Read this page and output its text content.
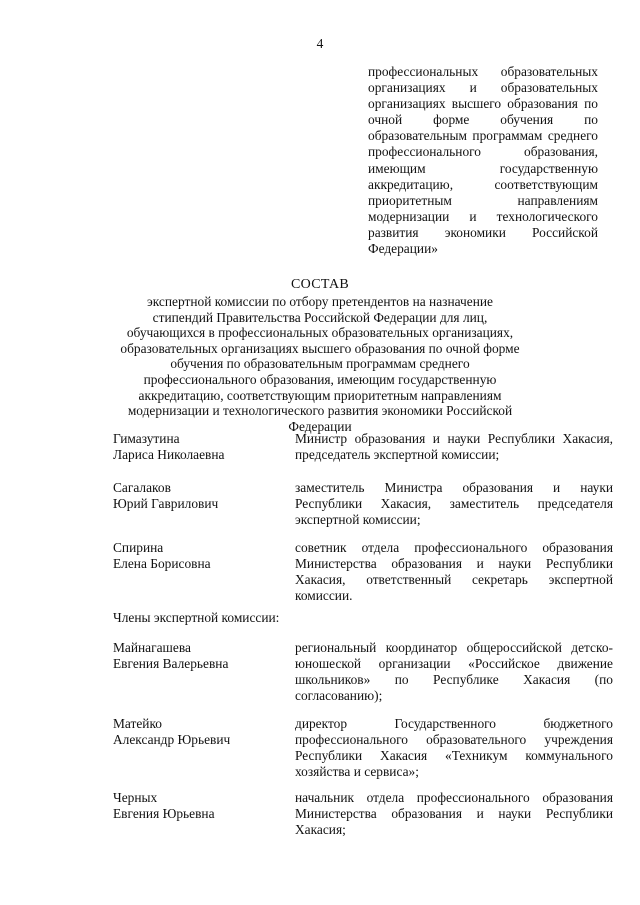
4
профессиональных образовательных организациях и образовательных организациях высшего образования по очной форме обучения по образовательным программам среднего профессионального образования, имеющим государственную аккредитацию, соответствующим приоритетным направлениям модернизации и технологического развития экономики Российской Федерации»
СОСТАВ
экспертной комиссии по отбору претендентов на назначение стипендий Правительства Российской Федерации для лиц, обучающихся в профессиональных образовательных организациях, образовательных организациях высшего образования по очной форме обучения по образовательным программам среднего профессионального образования, имеющим государственную аккредитацию, соответствующим приоритетным направлениям модернизации и технологического развития экономики Российской Федерации
Гимазутина
Лариса Николаевна
Министр образования и науки Республики Хакасия, председатель экспертной комиссии;
Сагалаков
Юрий Гаврилович
заместитель Министра образования и науки Республики Хакасия, заместитель председателя экспертной комиссии;
Спирина
Елена Борисовна
советник отдела профессионального образования Министерства образования и науки Республики Хакасия, ответственный секретарь экспертной комиссии.
Члены экспертной комиссии:
Майнагашева
Евгения Валерьевна
региональный координатор общероссийской детско-юношеской организации «Российское движение школьников» по Республике Хакасия (по согласованию);
Матейко
Александр Юрьевич
директор Государственного бюджетного профессионального образовательного учреждения Республики Хакасия «Техникум коммунального хозяйства и сервиса»;
Черных
Евгения Юрьевна
начальник отдела профессионального образования Министерства образования и науки Республики Хакасия;
